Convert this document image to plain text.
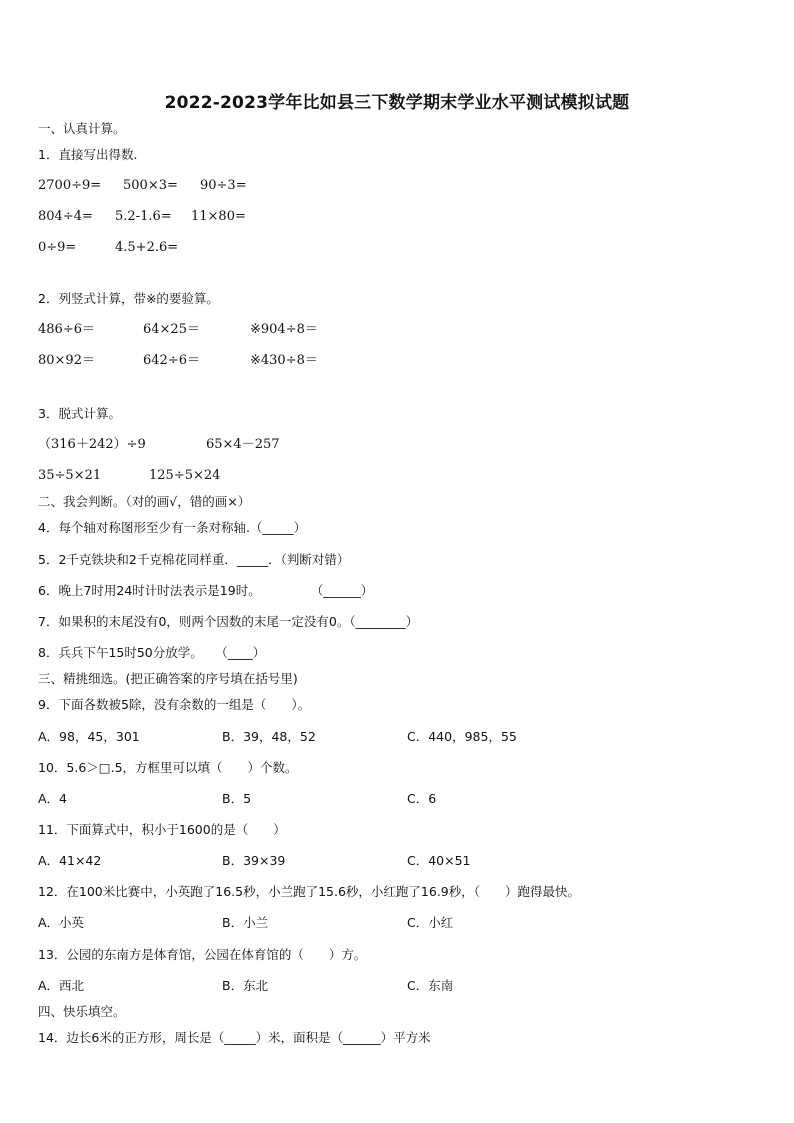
2022-2023学年比如县三下数学期末学业水平测试模拟试题
一、认真计算。
1．直接写出得数.
2700÷9= 500×3= 90÷3=
804÷4= 5.2-1.6= 11×80=
0÷9=	4.5+2.6=
2．列竖式计算，带※的要验算。
486÷6＝	64×25＝	※904÷8＝
80×92＝	642÷6＝	※430÷8＝
3．脱式计算。
（316＋242）÷9	65×4－257
35÷5×21	125÷5×24
二、我会判断。（对的画√，错的画×）
4．每个轴对称图形至少有一条对称轴.（_____）
5．2千克铁块和2千克棉花同样重．_____．（判断对错）
6．晚上7时用24时计时法表示是19时。　　　　　（______）
7．如果积的末尾没有0，则两个因数的末尾一定没有0。（________）
8．兵兵下午15时50分放学。　　（____）
三、精挑细选。(把正确答案的序号填在括号里)
9．下面各数被5除，没有余数的一组是（　　）。
A．98，45，301	B．39，48，52	C．440，985，55
10．5.6＞□.5，方框里可以填（　　）个数。
A．4	B．5	C．6
11．下面算式中，积小于1600的是（　　）
A．41×42	B．39×39	C．40×51
12．在100米比赛中，小英跑了16.5秒，小兰跑了15.6秒，小红跑了16.9秒，（　　）跑得最快。
A．小英	B．小兰	C．小红
13．公园的东南方是体育馆，公园在体育馆的（　　）方。
A．西北	B．东北	C．东南
四、快乐填空。
14．边长6米的正方形，周长是（_____）米，面积是（______）平方米
